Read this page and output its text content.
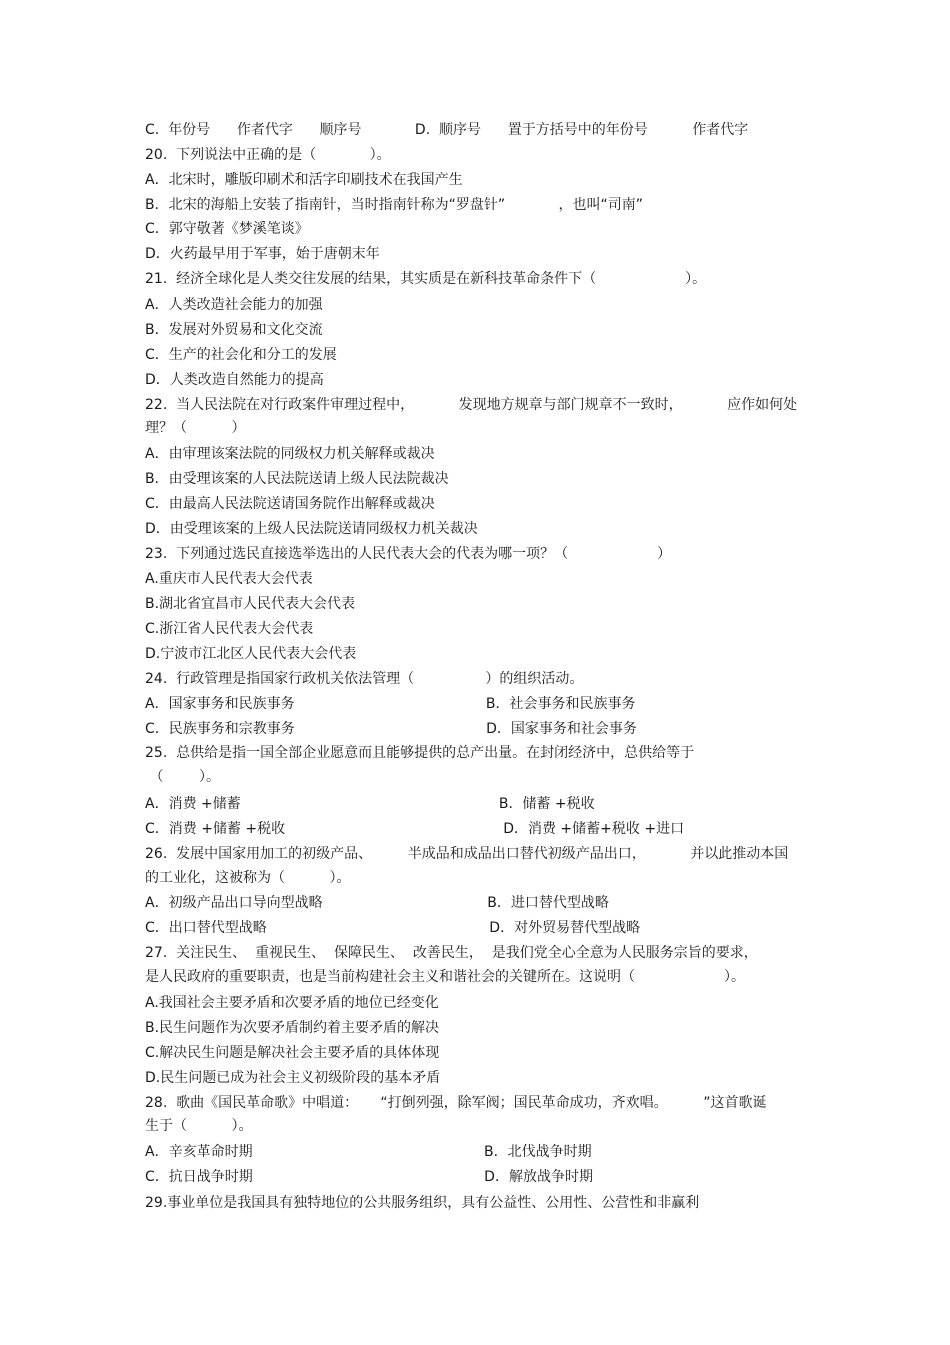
C.  年份号      作者代字      顺序号            D.  顺序号      置于方括号中的年份号          作者代字
20.  下列说法中正确的是（            ）。
A．北宋时，雕版印刷术和活字印刷技术在我国产生
B．北宋的海船上安装了指南针，当时指南针称为“罗盘针”            ，也叫“司南”
C．郭守敬著《梦溪笔谈》
D．火药最早用于军事，始于唐朝末年
21.  经济全球化是人类交往发展的结果，其实质是在新科技革命条件下（                    ）。
A．人类改造社会能力的加强
B．发展对外贸易和文化交流
C．生产的社会化和分工的发展
D．人类改造自然能力的提高
22.  当人民法院在对行政案件审理过程中，          发现地方规章与部门规章不一致时，          应作如何处
理？（          ）
A．由审理该案法院的同级权力机关解释或裁决
B．由受理该案的人民法院送请上级人民法院裁决
C．由最高人民法院送请国务院作出解释或裁决
D．由受理该案的上级人民法院送请同级权力机关裁决
23.  下列通过选民直接选举选出的人民代表大会的代表为哪一项？（                    ）
A.重庆市人民代表大会代表
B.湖北省宜昌市人民代表大会代表
C.浙江省人民代表大会代表
D.宁波市江北区人民代表大会代表
24.  行政管理是指国家行政机关依法管理（                ）的组织活动。
A．国家事务和民族事务                                           B．社会事务和民族事务
C．民族事务和宗教事务                                           D．国家事务和社会事务
25.  总供给是指一国全部企业愿意而且能够提供的总产出量。在封闭经济中，总供给等于
（        ）。
A．消费 +储蓄                                                          B．储蓄 +税收
C．消费 +储蓄 +税收                                                 D．消费 +储蓄+税收 +进口
26.  发展中国家用加工的初级产品、        半成品和成品出口替代初级产品出口，          并以此推动本国
的工业化，这被称为（          ）。
A．初级产品出口导向型战略                                     B．进口替代型战略
C．出口替代型战略                                                  D．对外贸易替代型战略
27.  关注民生、  重视民生、  保障民生、  改善民生，  是我们党全心全意为人民服务宗旨的要求，
是人民政府的重要职责，也是当前构建社会主义和谐社会的关键所在。这说明（                    ）。
A.我国社会主要矛盾和次要矛盾的地位已经变化
B.民生问题作为次要矛盾制约着主要矛盾的解决
C.解决民生问题是解决社会主要矛盾的具体体现
D.民生问题已成为社会主义初级阶段的基本矛盾
28.  歌曲《国民革命歌》中唱道：     “打倒列强，除军阀；国民革命成功，齐欢唱。        ”这首歌诞
生于（          ）。
A．辛亥革命时期                                                    B．北伐战争时期
C．抗日战争时期                                                    D．解放战争时期
29.事业单位是我国具有独特地位的公共服务组织，具有公益性、公用性、公营性和非赢利
